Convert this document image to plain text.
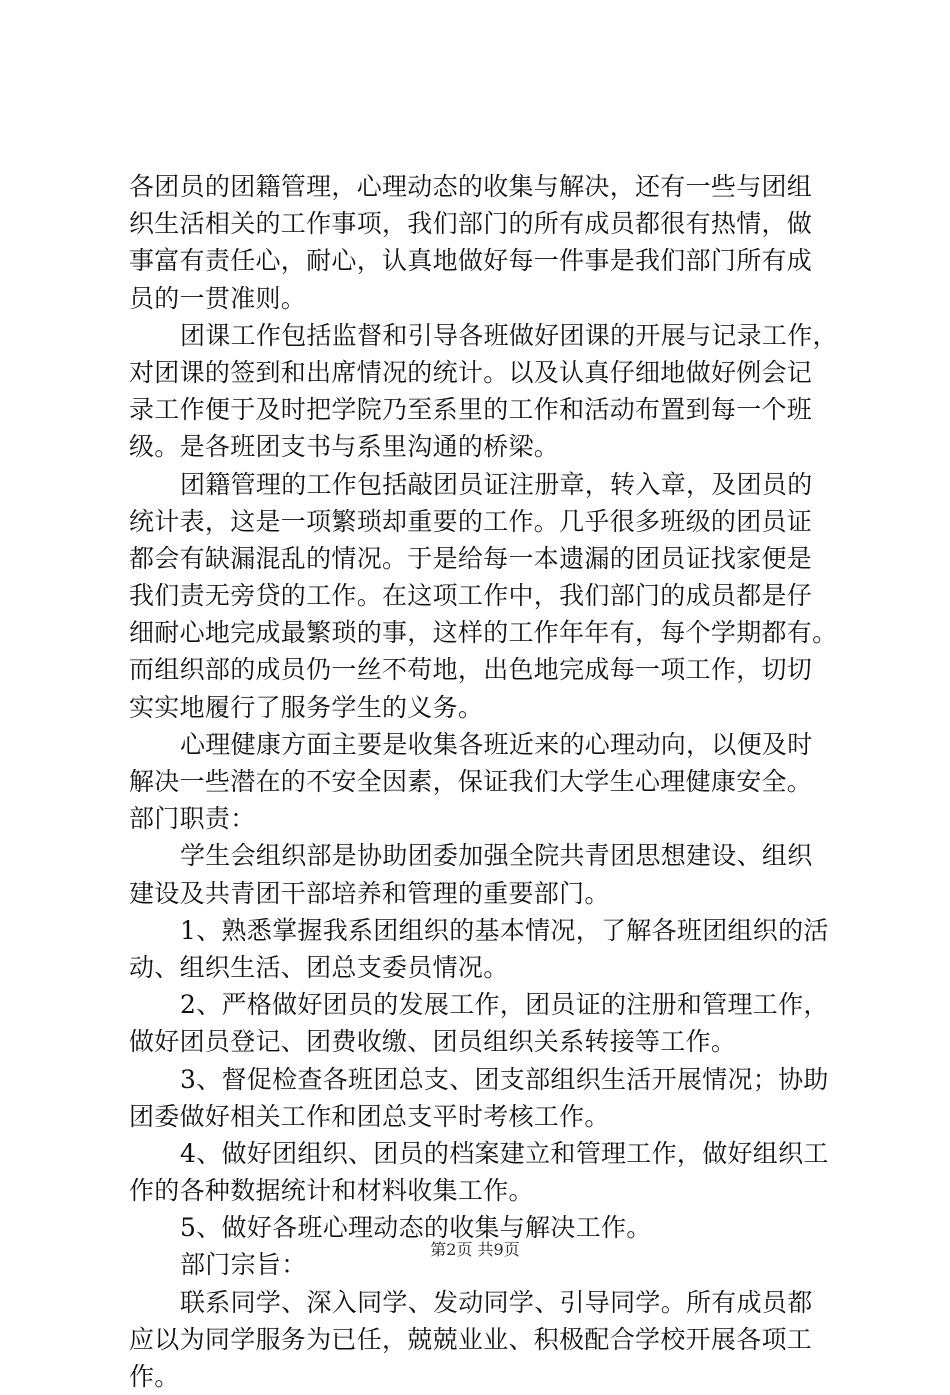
各团员的团籍管理，心理动态的收集与解决，还有一些与团组
织生活相关的工作事项，我们部门的所有成员都很有热情，做
事富有责任心，耐心，认真地做好每一件事是我们部门所有成
员的一贯准则。
团课工作包括监督和引导各班做好团课的开展与记录工作，
对团课的签到和出席情况的统计。以及认真仔细地做好例会记
录工作便于及时把学院乃至系里的工作和活动布置到每一个班
级。是各班团支书与系里沟通的桥梁。
团籍管理的工作包括敲团员证注册章，转入章，及团员的
统计表，这是一项繁琐却重要的工作。几乎很多班级的团员证
都会有缺漏混乱的情况。于是给每一本遗漏的团员证找家便是
我们责无旁贷的工作。在这项工作中，我们部门的成员都是仔
细耐心地完成最繁琐的事，这样的工作年年有，每个学期都有。
而组织部的成员仍一丝不苟地，出色地完成每一项工作，切切
实实地履行了服务学生的义务。
心理健康方面主要是收集各班近来的心理动向，以便及时
解决一些潜在的不安全因素，保证我们大学生心理健康安全。
部门职责：
学生会组织部是协助团委加强全院共青团思想建设、组织
建设及共青团干部培养和管理的重要部门。
1、熟悉掌握我系团组织的基本情况，了解各班团组织的活
动、组织生活、团总支委员情况。
2、严格做好团员的发展工作，团员证的注册和管理工作，
做好团员登记、团费收缴、团员组织关系转接等工作。
3、督促检查各班团总支、团支部组织生活开展情况；协助
团委做好相关工作和团总支平时考核工作。
4、做好团组织、团员的档案建立和管理工作，做好组织工
作的各种数据统计和材料收集工作。
5、做好各班心理动态的收集与解决工作。
部门宗旨：
联系同学、深入同学、发动同学、引导同学。所有成员都
应以为同学服务为已任，兢兢业业、积极配合学校开展各项工
作。
第2页 共9页
